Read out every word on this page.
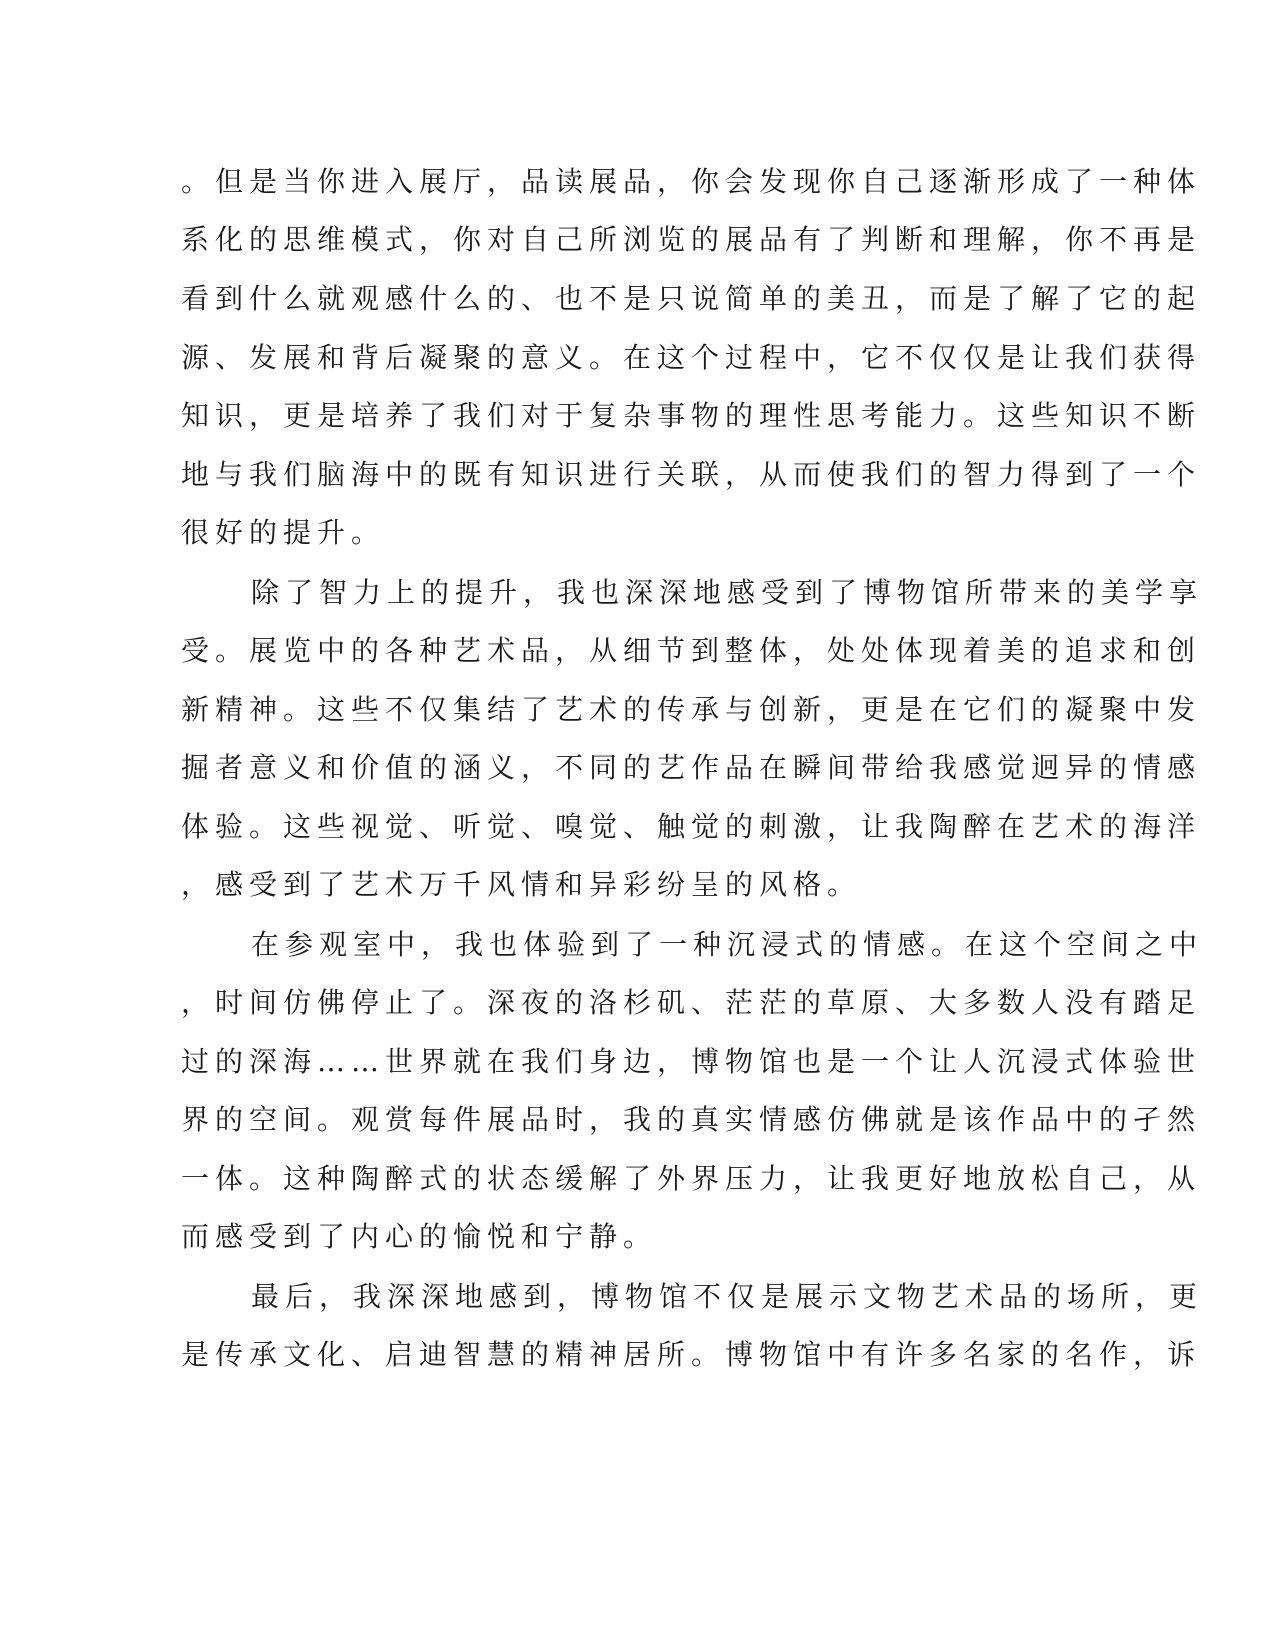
。但是当你进入展厅，品读展品，你会发现你自己逐渐形成了一种体
系化的思维模式，你对自己所浏览的展品有了判断和理解，你不再是
看到什么就观感什么的、也不是只说简单的美丑，而是了解了它的起
源、发展和背后凝聚的意义。在这个过程中，它不仅仅是让我们获得
知识，更是培养了我们对于复杂事物的理性思考能力。这些知识不断
地与我们脑海中的既有知识进行关联，从而使我们的智力得到了一个
很好的提升。
除了智力上的提升，我也深深地感受到了博物馆所带来的美学享
受。展览中的各种艺术品，从细节到整体，处处体现着美的追求和创
新精神。这些不仅集结了艺术的传承与创新，更是在它们的凝聚中发
掘者意义和价值的涵义，不同的艺作品在瞬间带给我感觉迥异的情感
体验。这些视觉、听觉、嗅觉、触觉的刺激，让我陶醉在艺术的海洋
，感受到了艺术万千风情和异彩纷呈的风格。
在参观室中，我也体验到了一种沉浸式的情感。在这个空间之中
，时间仿佛停止了。深夜的洛杉矶、茫茫的草原、大多数人没有踏足
过的深海……世界就在我们身边，博物馆也是一个让人沉浸式体验世
界的空间。观赏每件展品时，我的真实情感仿佛就是该作品中的孑然
一体。这种陶醉式的状态缓解了外界压力，让我更好地放松自己，从
而感受到了内心的愉悦和宁静。
最后，我深深地感到，博物馆不仅是展示文物艺术品的场所，更
是传承文化、启迪智慧的精神居所。博物馆中有许多名家的名作，诉
